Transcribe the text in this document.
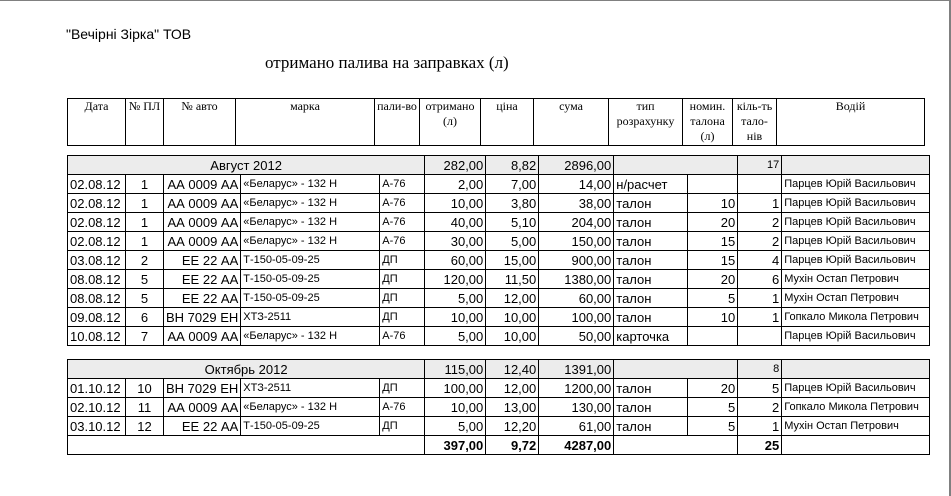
"Вечірні Зірка" ТОВ
отримано палива на заправках (л)
Дата	№ ПЛ	№ авто	марка	пали-во	отримано (л)	ціна	сума	тип розрахунку	номин. талона (л)	кіль-ть тало-нів	Водій
Август 2012					282,00	8,82	2896,00			17	
02.08.12	1	АА 0009 АА	«Беларус» - 132 Н	А-76	2,00	7,00	14,00	н/расчет			Парцев Юрій Васильович
02.08.12	1	АА 0009 АА	«Беларус» - 132 Н	А-76	10,00	3,80	38,00	талон	10	1	Парцев Юрій Васильович
02.08.12	1	АА 0009 АА	«Беларус» - 132 Н	А-76	40,00	5,10	204,00	талон	20	2	Парцев Юрій Васильович
02.08.12	1	АА 0009 АА	«Беларус» - 132 Н	А-76	30,00	5,00	150,00	талон	15	2	Парцев Юрій Васильович
03.08.12	2	ЕЕ 22 АА	Т-150-05-09-25	ДП	60,00	15,00	900,00	талон	15	4	Парцев Юрій Васильович
08.08.12	5	ЕЕ 22 АА	Т-150-05-09-25	ДП	120,00	11,50	1380,00	талон	20	6	Мухін Остап Петрович
08.08.12	5	ЕЕ 22 АА	Т-150-05-09-25	ДП	5,00	12,00	60,00	талон	5	1	Мухін Остап Петрович
09.08.12	6	ВН 7029 ЕН	ХТЗ-2511	ДП	10,00	10,00	100,00	талон	10	1	Гопкало Микола Петрович
10.08.12	7	АА 0009 АА	«Беларус» - 132 Н	А-76	5,00	10,00	50,00	карточка			Парцев Юрій Васильович
Октябрь 2012					115,00	12,40	1391,00			8	
01.10.12	10	ВН 7029 ЕН	ХТЗ-2511	ДП	100,00	12,00	1200,00	талон	20	5	Парцев Юрій Васильович
02.10.12	11	АА 0009 АА	«Беларус» - 132 Н	А-76	10,00	13,00	130,00	талон	5	2	Гопкало Микола Петрович
03.10.12	12	ЕЕ 22 АА	Т-150-05-09-25	ДП	5,00	12,20	61,00	талон	5	1	Мухін Остап Петрович
					397,00	9,72	4287,00			25	
